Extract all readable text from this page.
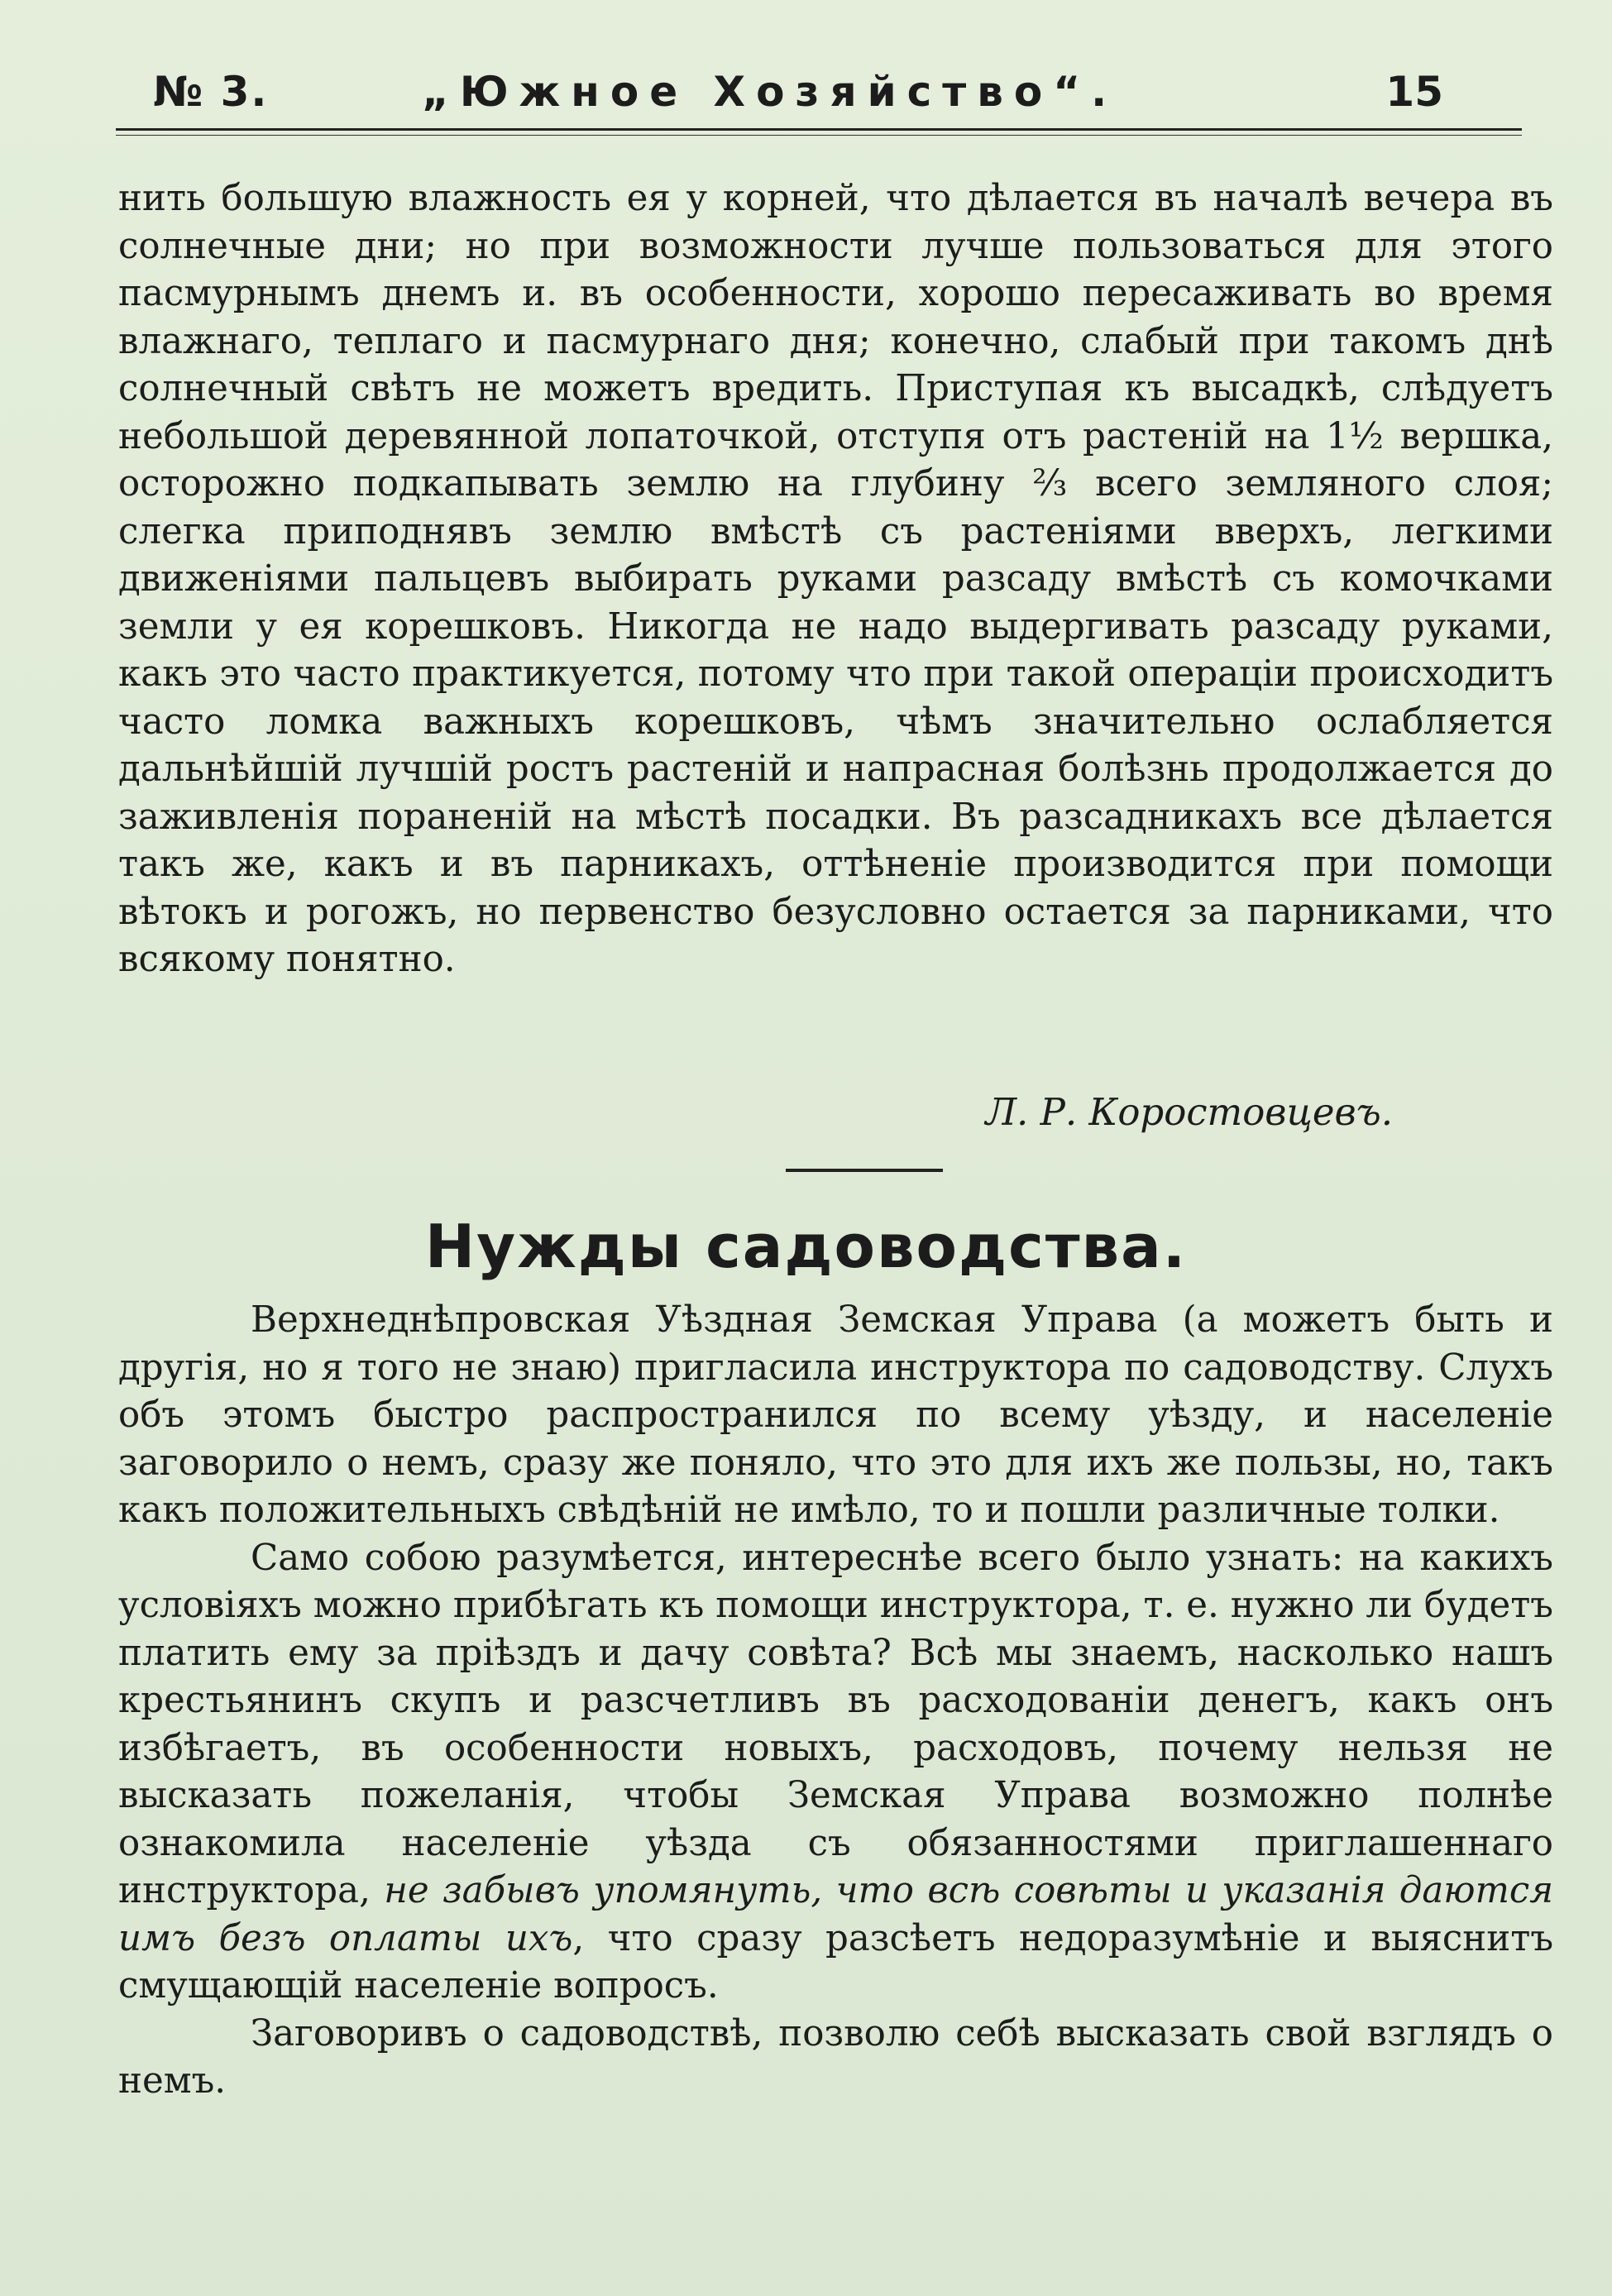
№ 3.	„Южное Хозяйство“.	15

нить большую влажность ея у корней, что дѣлается въ началѣ вечера въ солнечные дни; но при возможности лучше пользоваться для этого пасмурнымъ днемъ и. въ особенности, хорошо пересаживать во время влажнаго, теплаго и пасмурнаго дня; конечно, слабый при такомъ днѣ солнечный свѣтъ не можетъ вредить. Приступая къ высадкѣ, слѣдуетъ небольшой деревянной лопаточкой, отступя отъ растеній на 1½ вершка, осторожно подкапывать землю на глубину ⅔ всего земляного слоя; слегка приподнявъ землю вмѣстѣ съ растеніями вверхъ, легкими движеніями пальцевъ выбирать руками разсаду вмѣстѣ съ комочками земли у ея корешковъ. Никогда не надо выдергивать разсаду руками, какъ это часто практикуется, потому что при такой операціи происходитъ часто ломка важныхъ корешковъ, чѣмъ значительно ослабляется дальнѣйшій лучшій ростъ растеній и напрасная болѣзнь продолжается до заживленія пораненій на мѣстѣ посадки. Въ разсадникахъ все дѣлается такъ же, какъ и въ парникахъ, оттѣненіе производится при помощи вѣтокъ и рогожъ, но первенство безусловно остается за парниками, что всякому понятно.

Л. Р. Коростовцевъ.
Нужды садоводства.

Верхнеднѣпровская Уѣздная Земская Управа (а можетъ быть и другія, но я того не знаю) пригласила инструктора по садоводству. Слухъ объ этомъ быстро распространился по всему уѣзду, и населеніе заговорило о немъ, сразу же поняло, что это для ихъ же пользы, но, такъ какъ положительныхъ свѣдѣній не имѣло, то и пошли различные толки.

Само собою разумѣется, интереснѣе всего было узнать: на какихъ условіяхъ можно прибѣгать къ помощи инструктора, т. е. нужно ли будетъ платить ему за пріѣздъ и дачу совѣта? Всѣ мы знаемъ, насколько нашъ крестьянинъ скупъ и разсчетливъ въ расходованіи денегъ, какъ онъ избѣгаетъ, въ особенности новыхъ, расходовъ, почему нельзя не высказать пожеланія, чтобы Земская Управа возможно полнѣе ознакомила населеніе уѣзда съ обязанностями приглашеннаго инструктора, не забывъ упомянуть, что всѣ совѣты и указанія даются имъ безъ оплаты ихъ, что сразу разсѣетъ недоразумѣніе и выяснитъ смущающій населеніе вопросъ.

Заговоривъ о садоводствѣ, позволю себѣ высказать свой взглядъ о немъ.
